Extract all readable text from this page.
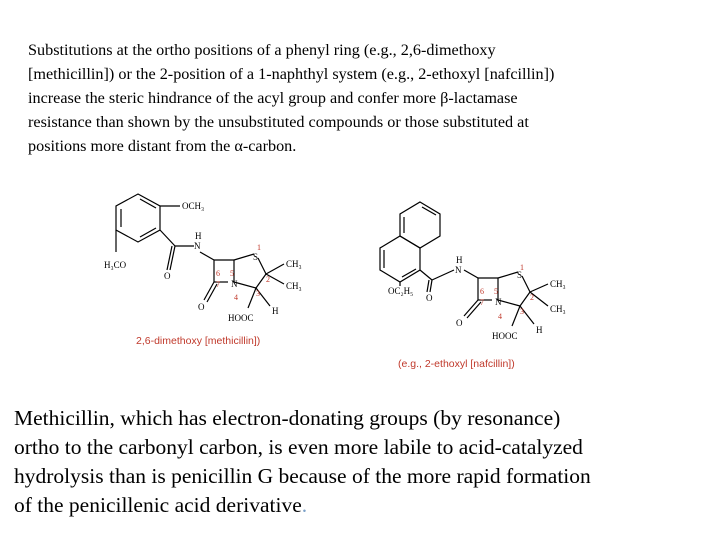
Substitutions at the ortho positions of a phenyl ring (e.g., 2,6-dimethoxy
[methicillin]) or the 2-position of a 1-naphthyl system (e.g., 2-ethoxyl [nafcillin])
increase the steric hindrance of the acyl group and confer more β-lactamase
resistance than shown by the unsubstituted compounds or those substituted at
positions more distant from the α-carbon.
OCH₃
H₃CO
O
N
H
S
CH₃
CH₃
N
O
HOOC
H
1
2
3
4
5
6
7
2,6-dimethoxy [methicillin])
OC₂H₅
O
N
H
S
CH₃
CH₃
N
O
HOOC
H
1
2
3
4
5
6
7
(e.g., 2-ethoxyl [nafcillin])
Methicillin, which has electron-donating groups (by resonance)
ortho to the carbonyl carbon, is even more labile to acid-catalyzed
hydrolysis than is penicillin G because of the more rapid formation
of the penicillenic acid derivative.
